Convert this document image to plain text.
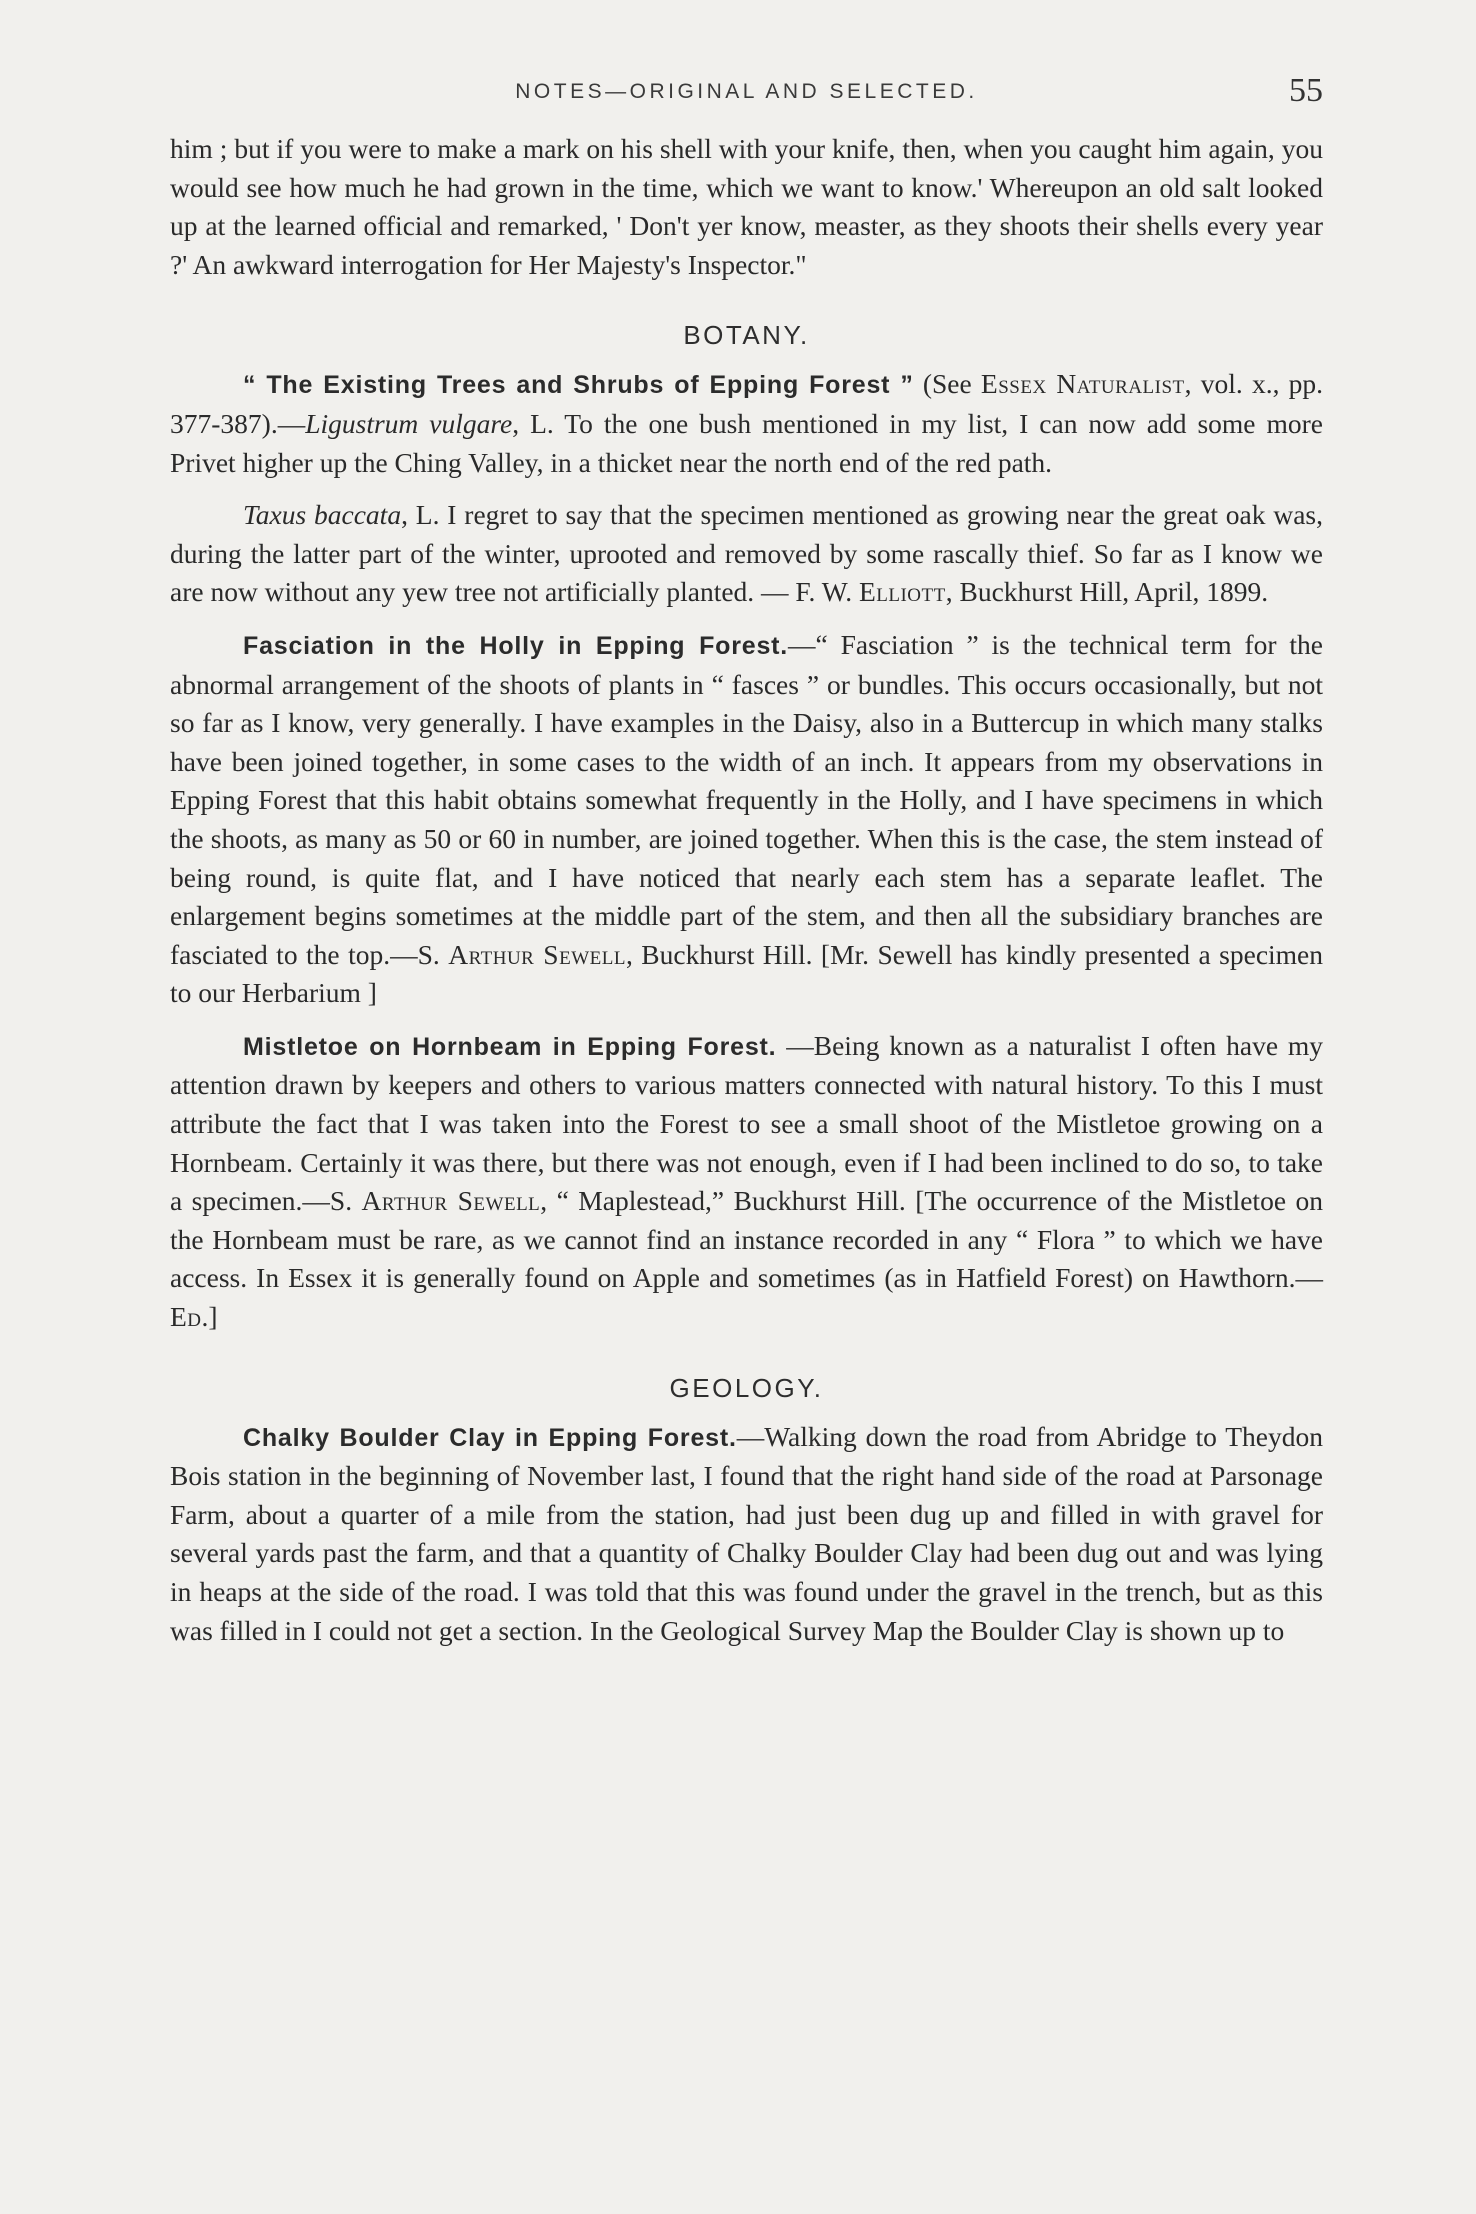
NOTES—ORIGINAL AND SELECTED.	55

him ; but if you were to make a mark on his shell with your knife, then, when you caught him again, you would see how much he had grown in the time, which we want to know.' Whereupon an old salt looked up at the learned official and remarked, ' Don't yer know, measter, as they shoots their shells every year ?' An awkward interrogation for Her Majesty's Inspector."

BOTANY.

“ The Existing Trees and Shrubs of Epping Forest ” (See Essex Naturalist, vol. x., pp. 377-387).—Ligustrum vulgare, L. To the one bush mentioned in my list, I can now add some more Privet higher up the Ching Valley, in a thicket near the north end of the red path.

Taxus baccata, L. I regret to say that the specimen mentioned as growing near the great oak was, during the latter part of the winter, uprooted and removed by some rascally thief. So far as I know we are now without any yew tree not artificially planted. — F. W. Elliott, Buckhurst Hill, April, 1899.

Fasciation in the Holly in Epping Forest.—“ Fasciation ” is the technical term for the abnormal arrangement of the shoots of plants in “ fasces ” or bundles. This occurs occasionally, but not so far as I know, very generally. I have examples in the Daisy, also in a Buttercup in which many stalks have been joined together, in some cases to the width of an inch. It appears from my observations in Epping Forest that this habit obtains somewhat frequently in the Holly, and I have specimens in which the shoots, as many as 50 or 60 in number, are joined together. When this is the case, the stem instead of being round, is quite flat, and I have noticed that nearly each stem has a separate leaflet. The enlargement begins sometimes at the middle part of the stem, and then all the subsidiary branches are fasciated to the top.—S. Arthur Sewell, Buckhurst Hill. [Mr. Sewell has kindly presented a specimen to our Herbarium ]

Mistletoe on Hornbeam in Epping Forest. —Being known as a naturalist I often have my attention drawn by keepers and others to various matters connected with natural history. To this I must attribute the fact that I was taken into the Forest to see a small shoot of the Mistletoe growing on a Hornbeam. Certainly it was there, but there was not enough, even if I had been inclined to do so, to take a specimen.—S. Arthur Sewell, “ Maplestead,” Buckhurst Hill. [The occurrence of the Mistletoe on the Hornbeam must be rare, as we cannot find an instance recorded in any “ Flora ” to which we have access. In Essex it is generally found on Apple and sometimes (as in Hatfield Forest) on Hawthorn.—Ed.]

GEOLOGY.

Chalky Boulder Clay in Epping Forest.—Walking down the road from Abridge to Theydon Bois station in the beginning of November last, I found that the right hand side of the road at Parsonage Farm, about a quarter of a mile from the station, had just been dug up and filled in with gravel for several yards past the farm, and that a quantity of Chalky Boulder Clay had been dug out and was lying in heaps at the side of the road. I was told that this was found under the gravel in the trench, but as this was filled in I could not get a section. In the Geological Survey Map the Boulder Clay is shown up to
